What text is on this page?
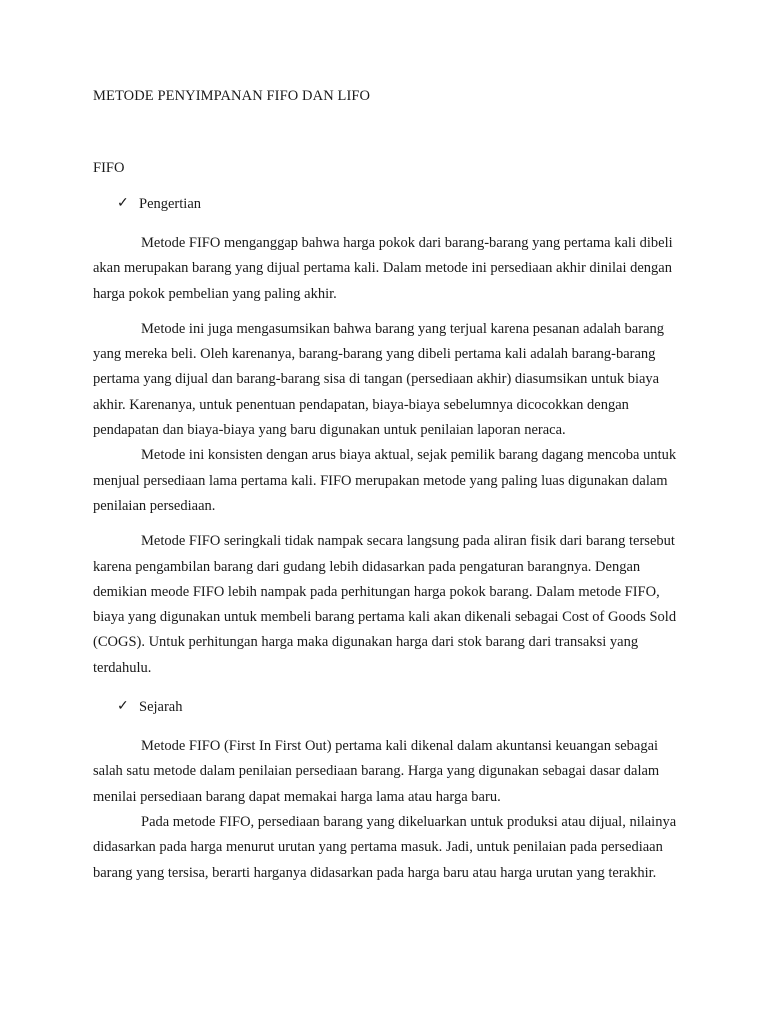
METODE PENYIMPANAN FIFO DAN LIFO
FIFO
✓ Pengertian

Metode FIFO menganggap bahwa harga pokok dari barang-barang yang pertama kali dibeli akan merupakan barang yang dijual pertama kali. Dalam metode ini persediaan akhir dinilai dengan harga pokok pembelian yang paling akhir.

Metode ini juga mengasumsikan bahwa barang yang terjual karena pesanan adalah barang yang mereka beli. Oleh karenanya, barang-barang yang dibeli pertama kali adalah barang-barang pertama yang dijual dan barang-barang sisa di tangan (persediaan akhir) diasumsikan untuk biaya akhir. Karenanya, untuk penentuan pendapatan, biaya-biaya sebelumnya dicocokkan dengan pendapatan dan biaya-biaya yang baru digunakan untuk penilaian laporan neraca.

Metode ini konsisten dengan arus biaya aktual, sejak pemilik barang dagang mencoba untuk menjual persediaan lama pertama kali. FIFO merupakan metode yang paling luas digunakan dalam penilaian persediaan.

Metode FIFO seringkali tidak nampak secara langsung pada aliran fisik dari barang tersebut karena pengambilan barang dari gudang lebih didasarkan pada pengaturan barangnya. Dengan demikian meode FIFO lebih nampak pada perhitungan harga pokok barang. Dalam metode FIFO, biaya yang digunakan untuk membeli barang pertama kali akan dikenali sebagai Cost of Goods Sold (COGS). Untuk perhitungan harga maka digunakan harga dari stok barang dari transaksi yang terdahulu.

✓ Sejarah

Metode FIFO (First In First Out) pertama kali dikenal dalam akuntansi keuangan sebagai salah satu metode dalam penilaian persediaan barang. Harga yang digunakan sebagai dasar dalam menilai persediaan barang dapat memakai harga lama atau harga baru.

Pada metode FIFO, persediaan barang yang dikeluarkan untuk produksi atau dijual, nilainya didasarkan pada harga menurut urutan yang pertama masuk. Jadi, untuk penilaian pada persediaan barang yang tersisa, berarti harganya didasarkan pada harga baru atau harga urutan yang terakhir.
